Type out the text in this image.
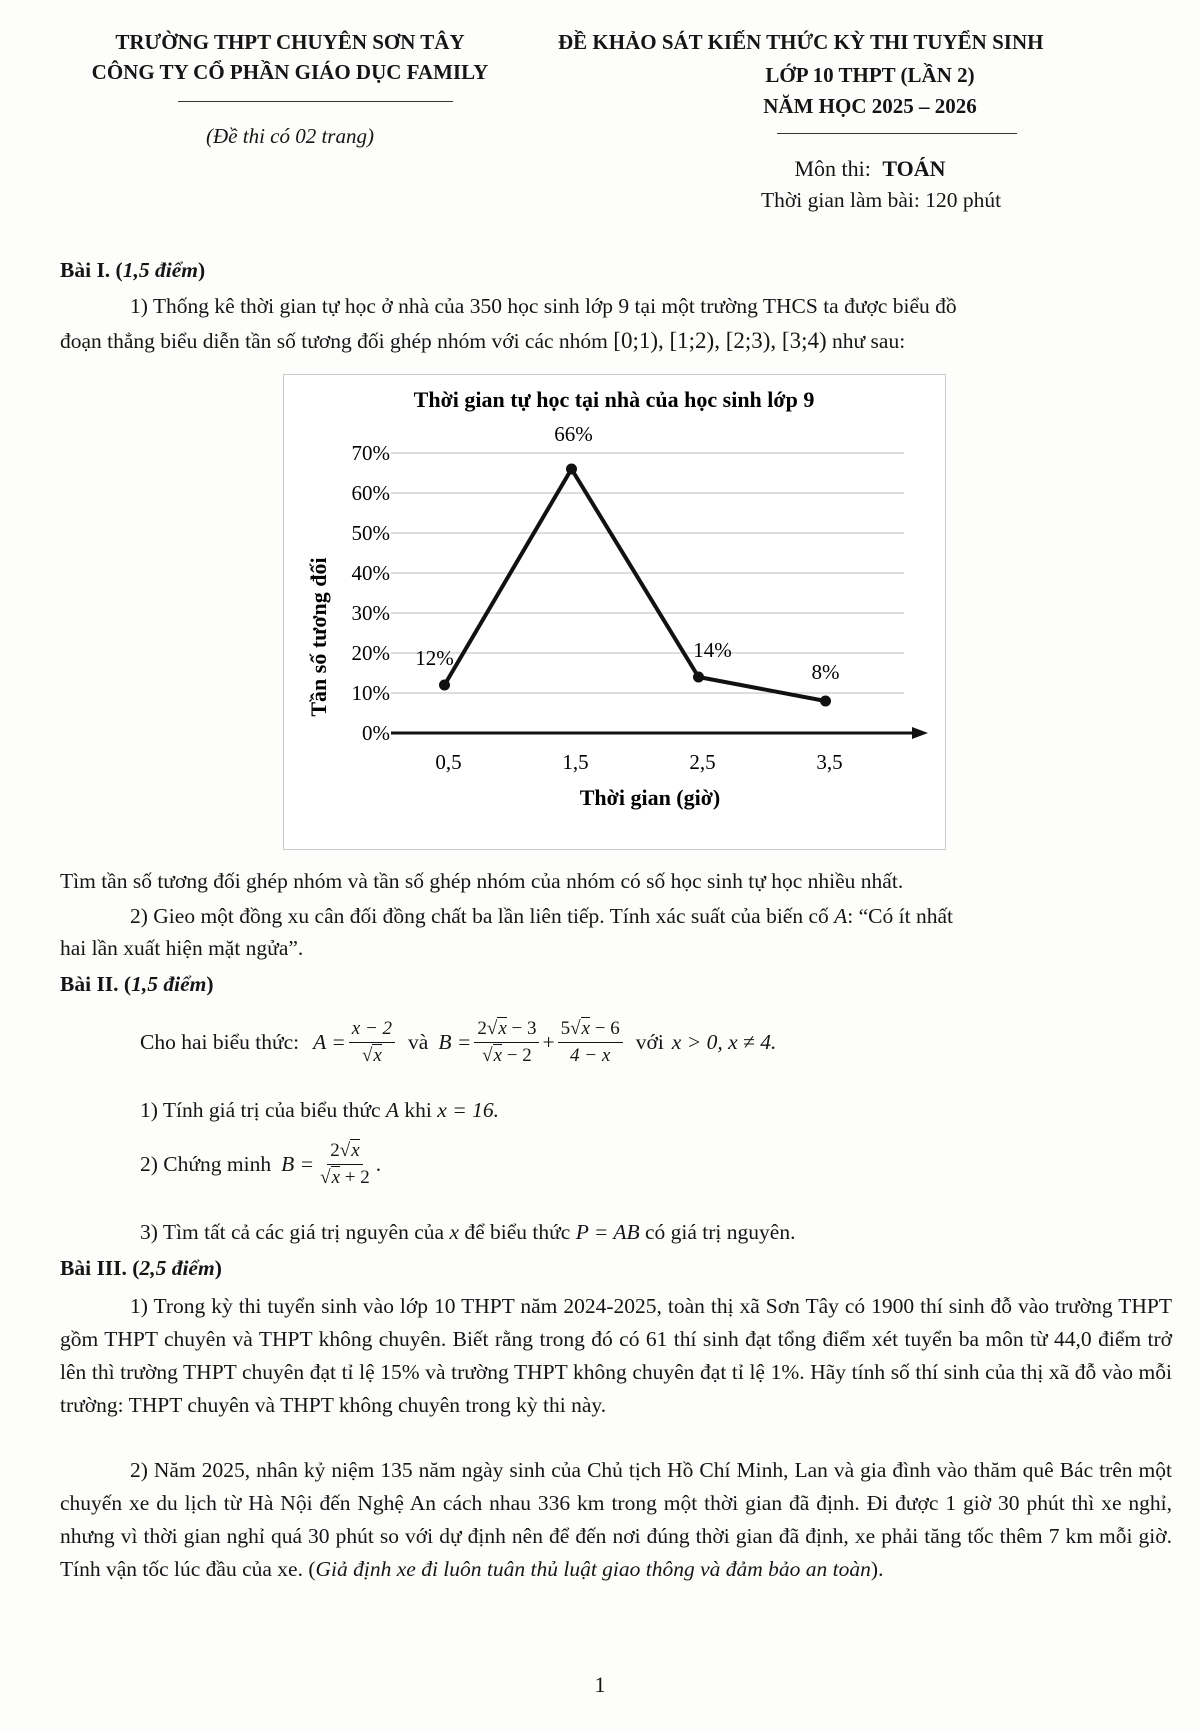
TRƯỜNG THPT CHUYÊN SƠN TÂY
CÔNG TY CỔ PHẦN GIÁO DỤC FAMILY
(Đề thi có 02 trang)
ĐỀ KHẢO SÁT KIẾN THỨC KỲ THI TUYỂN SINH
LỚP 10 THPT (LẦN 2)
NĂM HỌC 2025 – 2026
Môn thi: TOÁN
Thời gian làm bài: 120 phút
Bài I. (1,5 điểm)
1) Thống kê thời gian tự học ở nhà của 350 học sinh lớp 9 tại một trường THCS ta được biểu đồ
đoạn thẳng biểu diễn tần số tương đối ghép nhóm với các nhóm [0;1), [1;2), [2;3), [3;4) như sau:
Thời gian tự học tại nhà của học sinh lớp 9
0%
10%
20%
30%
40%
50%
60%
70%
0,5	1,5	2,5	3,5
12%
66%
14%
8%
Thời gian (giờ)
Tần số tương đối
Tìm tần số tương đối ghép nhóm và tần số ghép nhóm của nhóm có số học sinh tự học nhiều nhất.
2) Gieo một đồng xu cân đối đồng chất ba lần liên tiếp. Tính xác suất của biến cố A: “Có ít nhất
hai lần xuất hiện mặt ngửa”.
Bài II. (1,5 điểm)
Cho hai biểu thức: $A = \frac{x - 2}{√x}$ và $B = \frac{2√x - 3}{√x - 2} + \frac{5√x - 6}{4 - x}$ với x > 0, x ≠ 4.
1) Tính giá trị của biểu thức A khi x = 16.
2) Chứng minh $B = \frac{2√x}{√x + 2}$ .
3) Tìm tất cả các giá trị nguyên của x để biểu thức P = AB có giá trị nguyên.
Bài III. (2,5 điểm)
1) Trong kỳ thi tuyển sinh vào lớp 10 THPT năm 2024-2025, toàn thị xã Sơn Tây có 1900 thí sinh đỗ vào trường THPT gồm THPT chuyên và THPT không chuyên. Biết rằng trong đó có 61 thí sinh đạt tổng điểm xét tuyển ba môn từ 44,0 điểm trở lên thì trường THPT chuyên đạt tỉ lệ 15% và trường THPT không chuyên đạt tỉ lệ 1%. Hãy tính số thí sinh của thị xã đỗ vào mỗi trường: THPT chuyên và THPT không chuyên trong kỳ thi này.
2) Năm 2025, nhân kỷ niệm 135 năm ngày sinh của Chủ tịch Hồ Chí Minh, Lan và gia đình vào thăm quê Bác trên một chuyến xe du lịch từ Hà Nội đến Nghệ An cách nhau 336 km trong một thời gian đã định. Đi được 1 giờ 30 phút thì xe nghỉ, nhưng vì thời gian nghỉ quá 30 phút so với dự định nên để đến nơi đúng thời gian đã định, xe phải tăng tốc thêm 7 km mỗi giờ. Tính vận tốc lúc đầu của xe. (Giả định xe đi luôn tuân thủ luật giao thông và đảm bảo an toàn).
1
